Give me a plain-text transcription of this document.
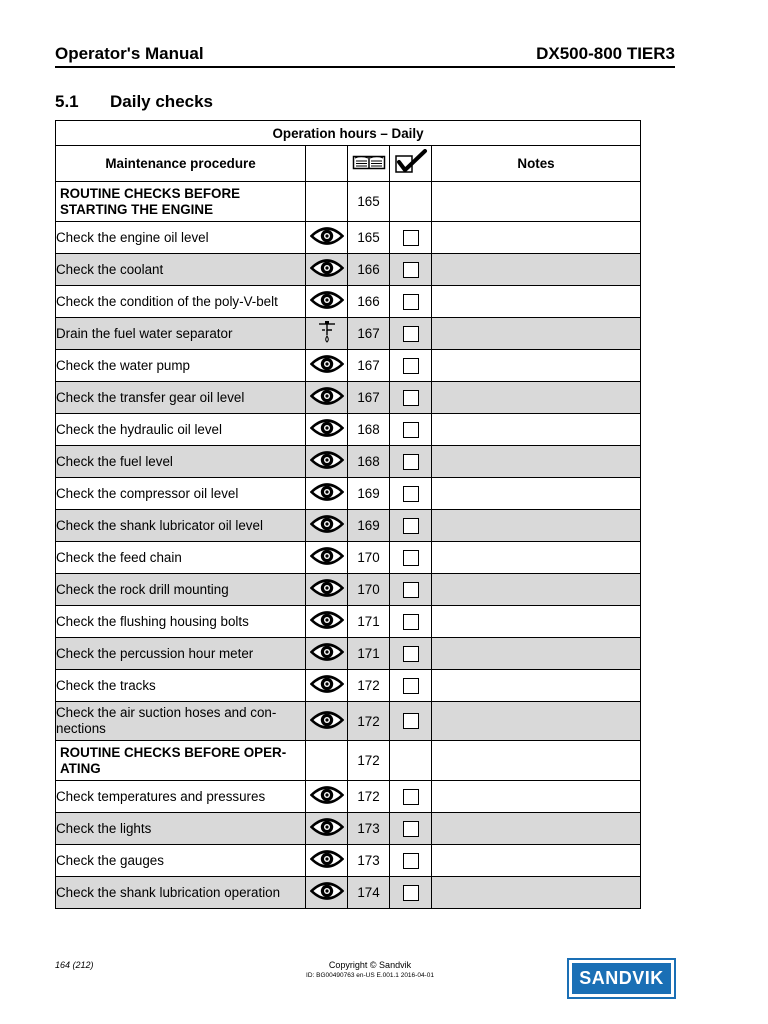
Operator's Manual	DX500-800 TIER3
5.1 Daily checks
Operation hours – Daily				
Maintenance procedure				Notes
ROUTINE CHECKS BEFORE STARTING THE ENGINE		165		
Check the engine oil level		165		
Check the coolant		166		
Check the condition of the poly-V-belt		166		
Drain the fuel water separator		167		
Check the water pump		167		
Check the transfer gear oil level		167		
Check the hydraulic oil level		168		
Check the fuel level		168		
Check the compressor oil level		169		
Check the shank lubricator oil level		169		
Check the feed chain		170		
Check the rock drill mounting		170		
Check the flushing housing bolts		171		
Check the percussion hour meter		171		
Check the tracks		172		
Check the air suction hoses and con-nections		172		
ROUTINE CHECKS BEFORE OPER-ATING		172		
Check temperatures and pressures		172		
Check the lights		173		
Check the gauges		173		
Check the shank lubrication operation		174		
164 (212)	Copyright © Sandvik
ID: BG00490763 en-US E.001.1 2016-04-01	SANDVIK
